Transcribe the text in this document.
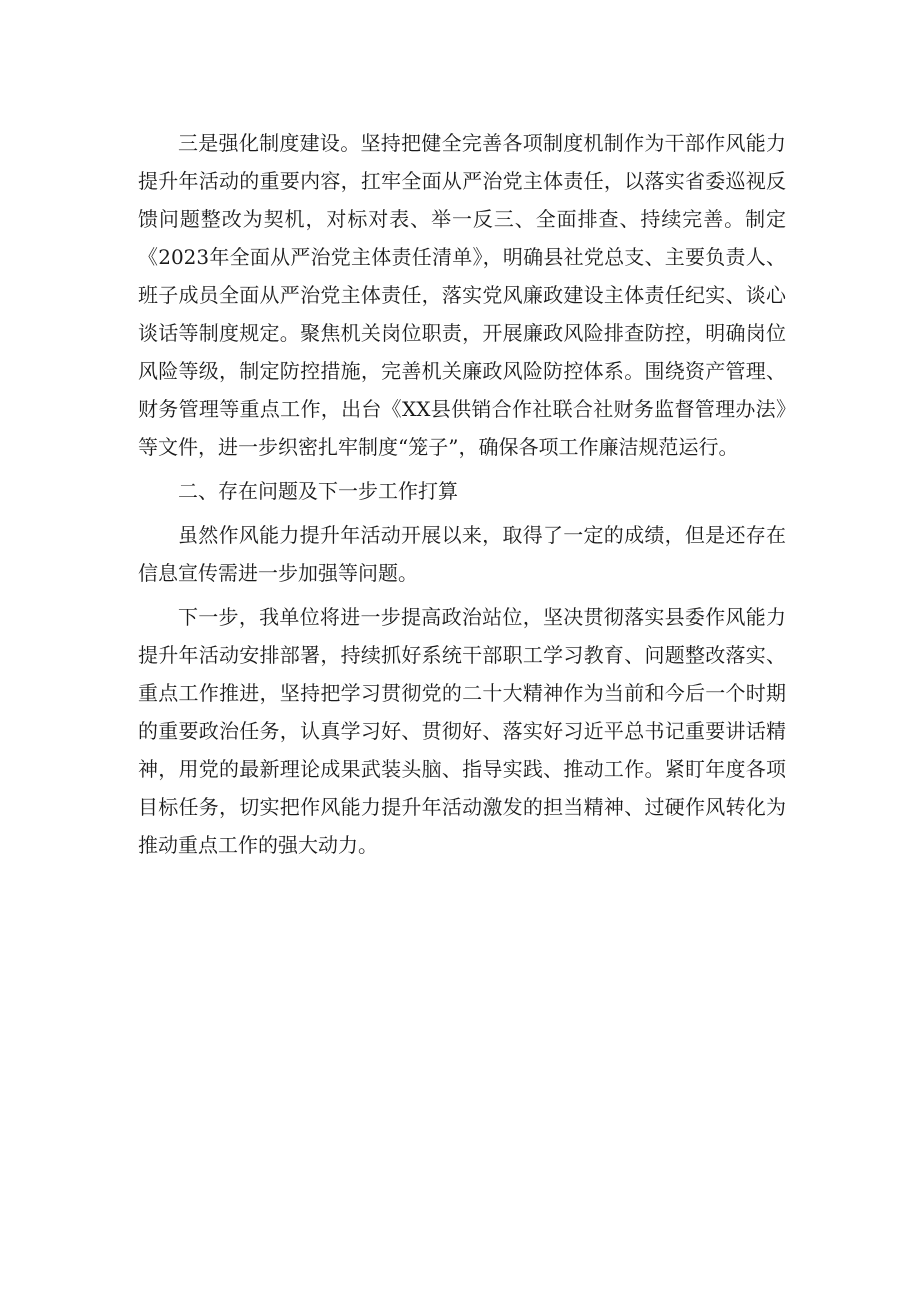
三是强化制度建设。坚持把健全完善各项制度机制作为干部作风能力提升年活动的重要内容，扛牢全面从严治党主体责任，以落实省委巡视反馈问题整改为契机，对标对表、举一反三、全面排查、持续完善。制定《2023年全面从严治党主体责任清单》，明确县社党总支、主要负责人、班子成员全面从严治党主体责任，落实党风廉政建设主体责任纪实、谈心谈话等制度规定。聚焦机关岗位职责，开展廉政风险排查防控，明确岗位风险等级，制定防控措施，完善机关廉政风险防控体系。围绕资产管理、财务管理等重点工作，出台《XX县供销合作社联合社财务监督管理办法》等文件，进一步织密扎牢制度“笼子”，确保各项工作廉洁规范运行。

二、存在问题及下一步工作打算

虽然作风能力提升年活动开展以来，取得了一定的成绩，但是还存在信息宣传需进一步加强等问题。

下一步，我单位将进一步提高政治站位，坚决贯彻落实县委作风能力提升年活动安排部署，持续抓好系统干部职工学习教育、问题整改落实、重点工作推进，坚持把学习贯彻党的二十大精神作为当前和今后一个时期的重要政治任务，认真学习好、贯彻好、落实好习近平总书记重要讲话精神，用党的最新理论成果武装头脑、指导实践、推动工作。紧盯年度各项目标任务，切实把作风能力提升年活动激发的担当精神、过硬作风转化为推动重点工作的强大动力。
